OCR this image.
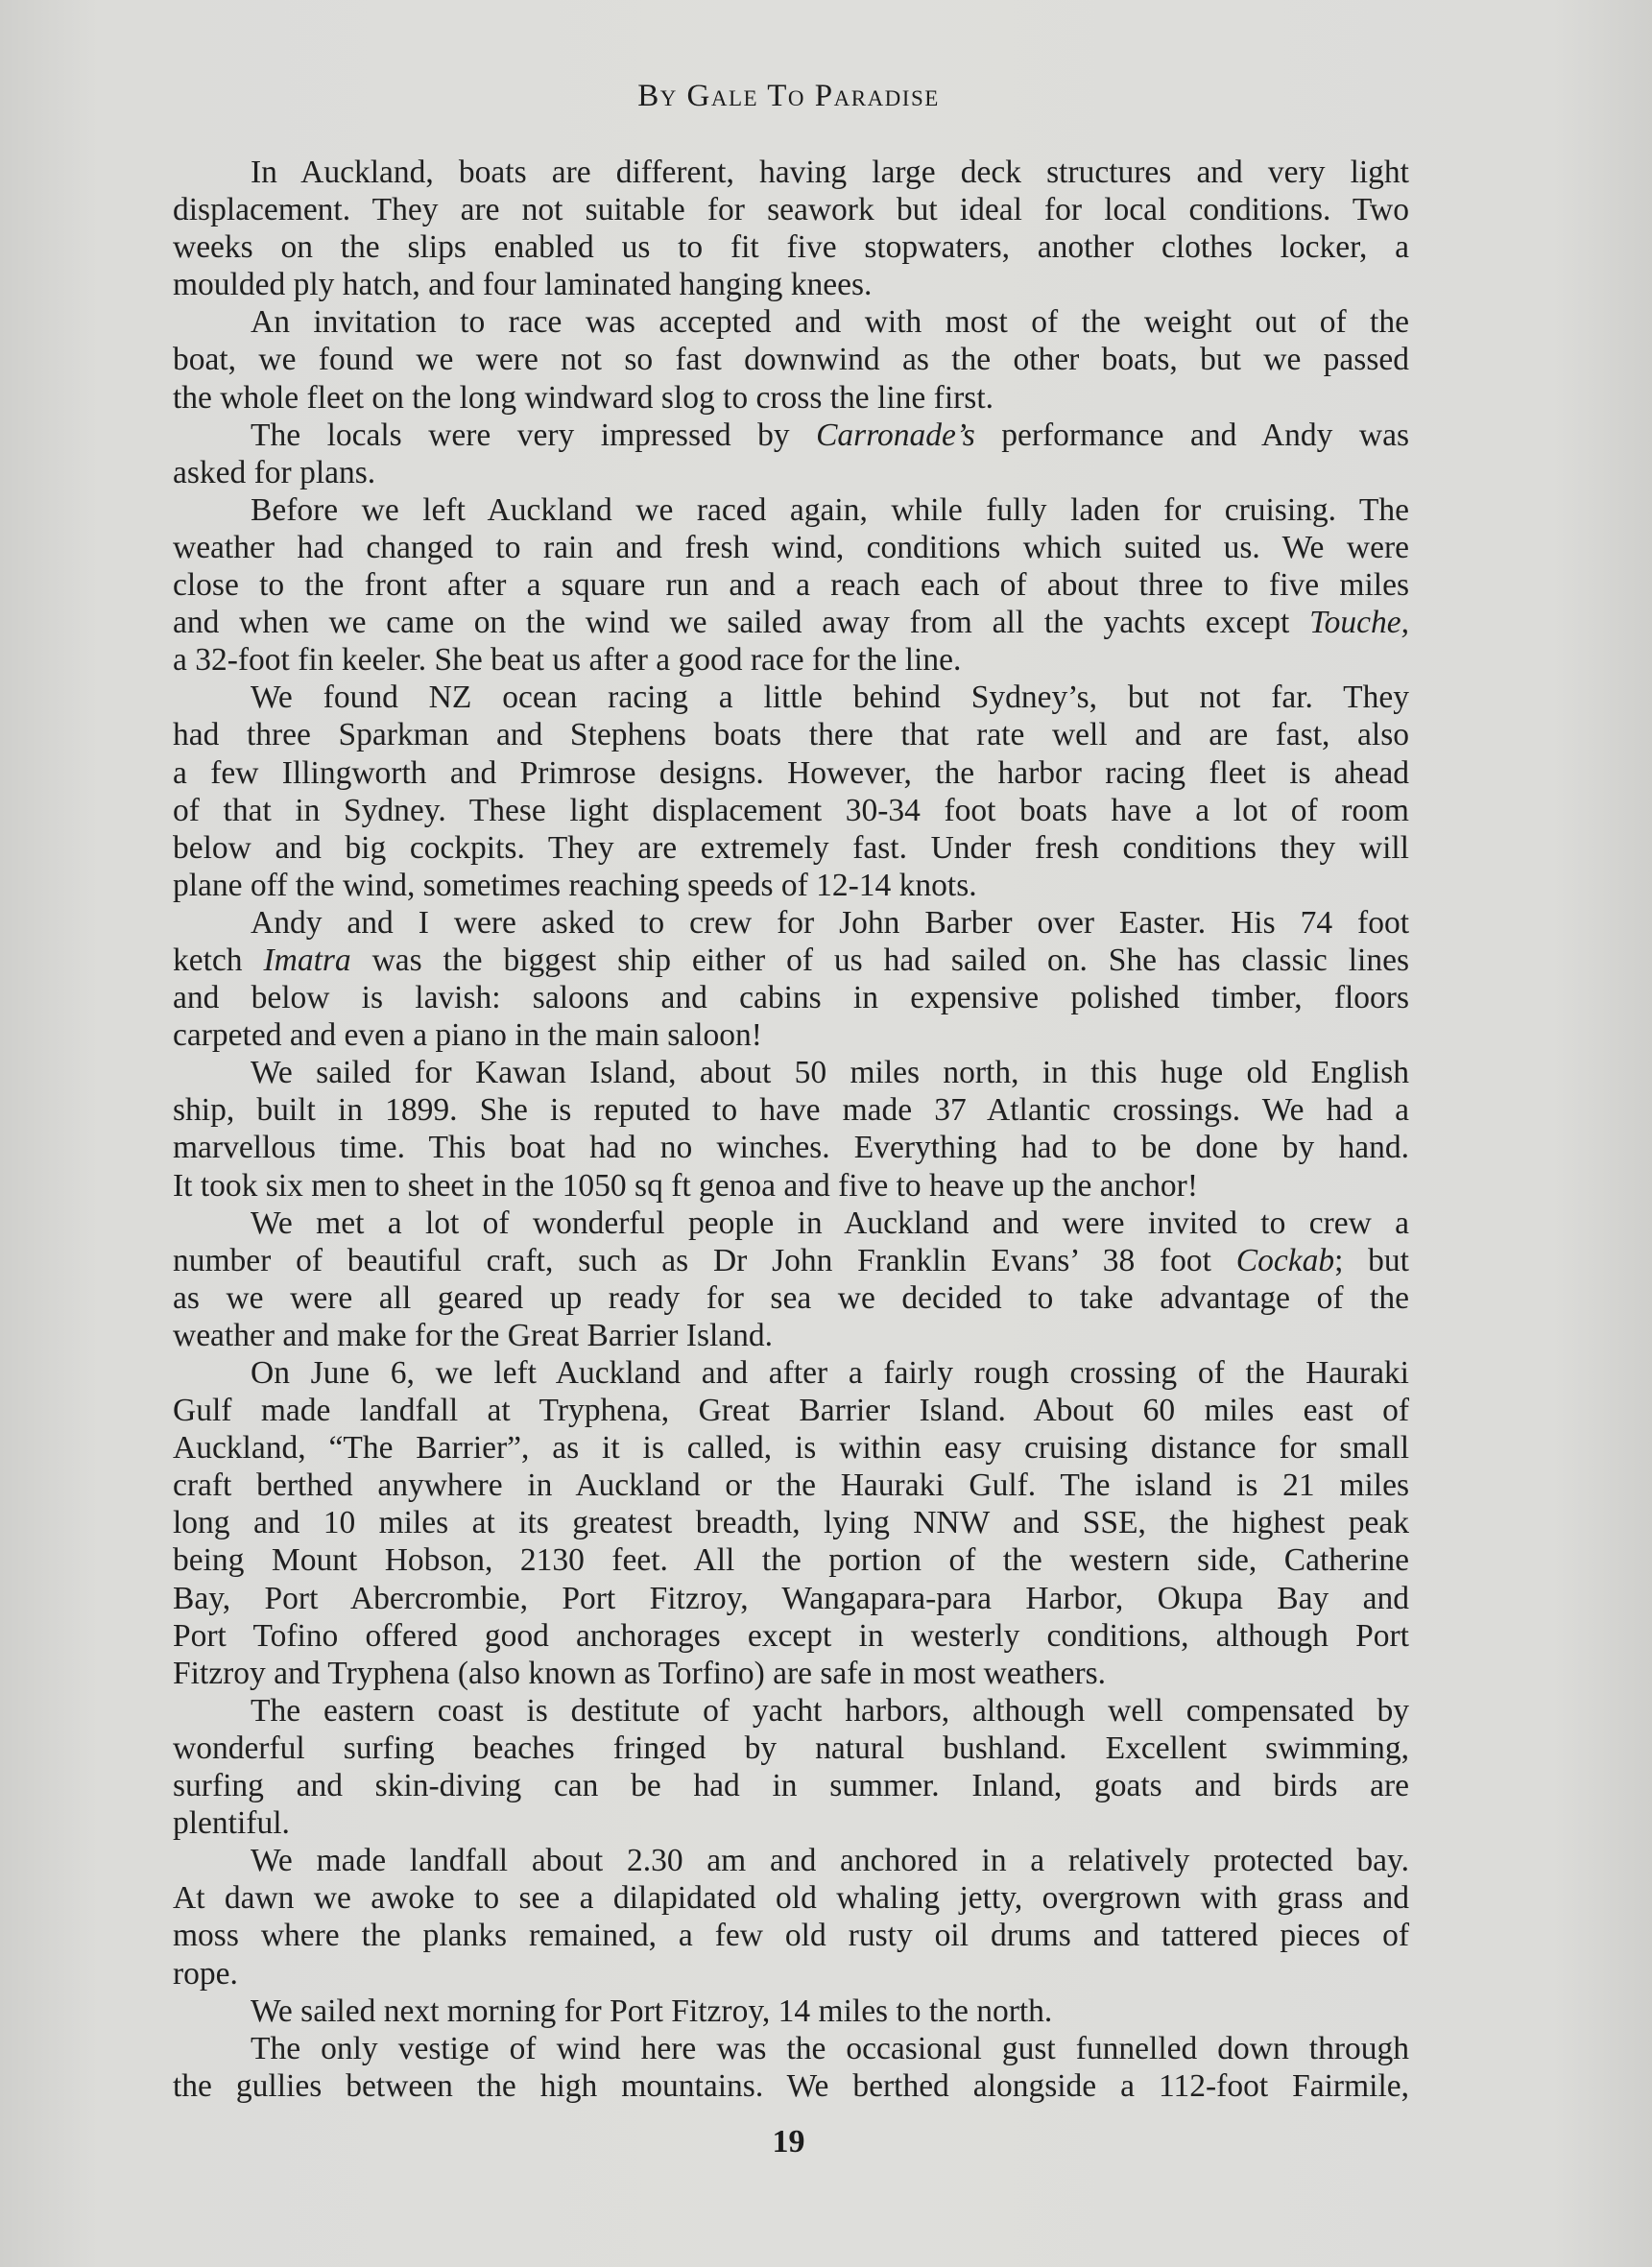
By Gale To Paradise

In Auckland, boats are different, having large deck structures and very light
displacement. They are not suitable for seawork but ideal for local conditions. Two
weeks on the slips enabled us to fit five stopwaters, another clothes locker, a
moulded ply hatch, and four laminated hanging knees.

An invitation to race was accepted and with most of the weight out of the
boat, we found we were not so fast downwind as the other boats, but we passed
the whole fleet on the long windward slog to cross the line first.

The locals were very impressed by Carronade’s performance and Andy was
asked for plans.

Before we left Auckland we raced again, while fully laden for cruising. The
weather had changed to rain and fresh wind, conditions which suited us. We were
close to the front after a square run and a reach each of about three to five miles
and when we came on the wind we sailed away from all the yachts except Touche,
a 32-foot fin keeler. She beat us after a good race for the line.

We found NZ ocean racing a little behind Sydney’s, but not far. They
had three Sparkman and Stephens boats there that rate well and are fast, also
a few Illingworth and Primrose designs. However, the harbor racing fleet is ahead
of that in Sydney. These light displacement 30-34 foot boats have a lot of room
below and big cockpits. They are extremely fast. Under fresh conditions they will
plane off the wind, sometimes reaching speeds of 12-14 knots.

Andy and I were asked to crew for John Barber over Easter. His 74 foot
ketch Imatra was the biggest ship either of us had sailed on. She has classic lines
and below is lavish: saloons and cabins in expensive polished timber, floors
carpeted and even a piano in the main saloon!

We sailed for Kawan Island, about 50 miles north, in this huge old English
ship, built in 1899. She is reputed to have made 37 Atlantic crossings. We had a
marvellous time. This boat had no winches. Everything had to be done by hand.
It took six men to sheet in the 1050 sq ft genoa and five to heave up the anchor!

We met a lot of wonderful people in Auckland and were invited to crew a
number of beautiful craft, such as Dr John Franklin Evans’ 38 foot Cockab; but
as we were all geared up ready for sea we decided to take advantage of the
weather and make for the Great Barrier Island.

On June 6, we left Auckland and after a fairly rough crossing of the Hauraki
Gulf made landfall at Tryphena, Great Barrier Island. About 60 miles east of
Auckland, “The Barrier”, as it is called, is within easy cruising distance for small
craft berthed anywhere in Auckland or the Hauraki Gulf. The island is 21 miles
long and 10 miles at its greatest breadth, lying NNW and SSE, the highest peak
being Mount Hobson, 2130 feet. All the portion of the western side, Catherine
Bay, Port Abercrombie, Port Fitzroy, Wangapara-para Harbor, Okupa Bay and
Port Tofino offered good anchorages except in westerly conditions, although Port
Fitzroy and Tryphena (also known as Torfino) are safe in most weathers.

The eastern coast is destitute of yacht harbors, although well compensated by
wonderful surfing beaches fringed by natural bushland. Excellent swimming,
surfing and skin-diving can be had in summer. Inland, goats and birds are
plentiful.

We made landfall about 2.30 am and anchored in a relatively protected bay.
At dawn we awoke to see a dilapidated old whaling jetty, overgrown with grass and
moss where the planks remained, a few old rusty oil drums and tattered pieces of
rope.

We sailed next morning for Port Fitzroy, 14 miles to the north.

The only vestige of wind here was the occasional gust funnelled down through
the gullies between the high mountains. We berthed alongside a 112-foot Fairmile,

19
